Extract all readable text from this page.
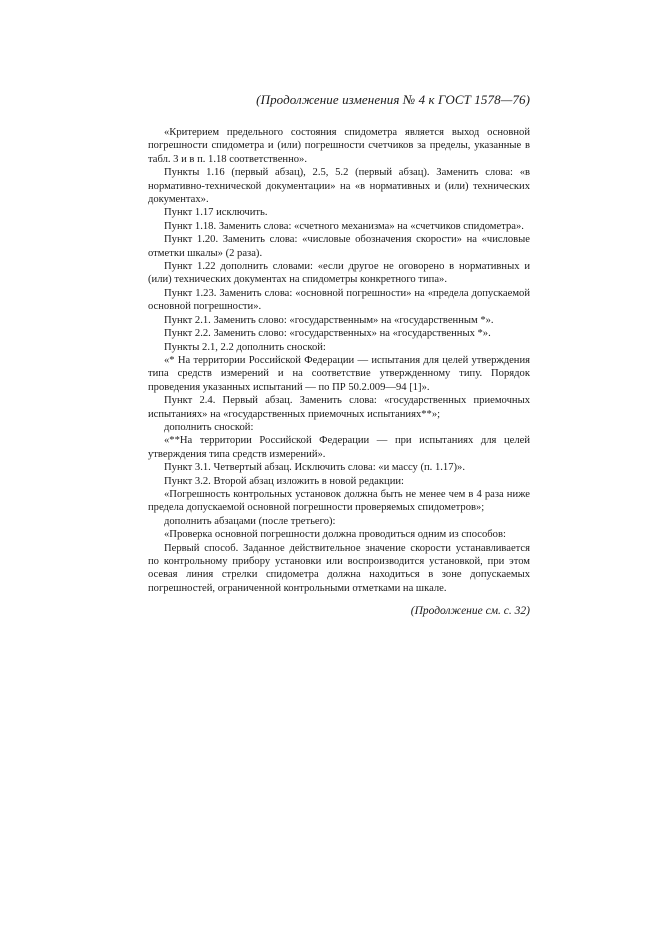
(Продолжение изменения № 4 к ГОСТ 1578—76)

«Критерием предельного состояния спидометра является выход основной погрешности спидометра и (или) погрешности счетчиков за пределы, указанные в табл. 3 и в п. 1.18 соответственно».

Пункты 1.16 (первый абзац), 2.5, 5.2 (первый абзац). Заменить слова: «в нормативно-технической документации» на «в нормативных и (или) технических документах».

Пункт 1.17 исключить.

Пункт 1.18. Заменить слова: «счетного механизма» на «счетчиков спидометра».

Пункт 1.20. Заменить слова: «числовые обозначения скорости» на «числовые отметки шкалы» (2 раза).

Пункт 1.22 дополнить словами: «если другое не оговорено в нормативных и (или) технических документах на спидометры конкретного типа».

Пункт 1.23. Заменить слова: «основной погрешности» на «предела допускаемой основной погрешности».

Пункт 2.1. Заменить слово: «государственным» на «государственным *».

Пункт 2.2. Заменить слово: «государственных» на «государственных *».

Пункты 2.1, 2.2 дополнить сноской:

«* На территории Российской Федерации — испытания для целей утверждения типа средств измерений и на соответствие утвержденному типу. Порядок проведения указанных испытаний — по ПР 50.2.009—94 [1]».

Пункт 2.4. Первый абзац. Заменить слова: «государственных приемочных испытаниях» на «государственных приемочных испытаниях**»;

дополнить сноской:

«**На территории Российской Федерации — при испытаниях для целей утверждения типа средств измерений».

Пункт 3.1. Четвертый абзац. Исключить слова: «и массу (п. 1.17)».

Пункт 3.2. Второй абзац изложить в новой редакции:

«Погрешность контрольных установок должна быть не менее чем в 4 раза ниже предела допускаемой основной погрешности проверяемых спидометров»;

дополнить абзацами (после третьего):

«Проверка основной погрешности должна проводиться одним из способов:

Первый способ. Заданное действительное значение скорости устанавливается по контрольному прибору установки или воспроизводится установкой, при этом осевая линия стрелки спидометра должна находиться в зоне допускаемых погрешностей, ограниченной контрольными отметками на шкале.

(Продолжение см. с. 32)
